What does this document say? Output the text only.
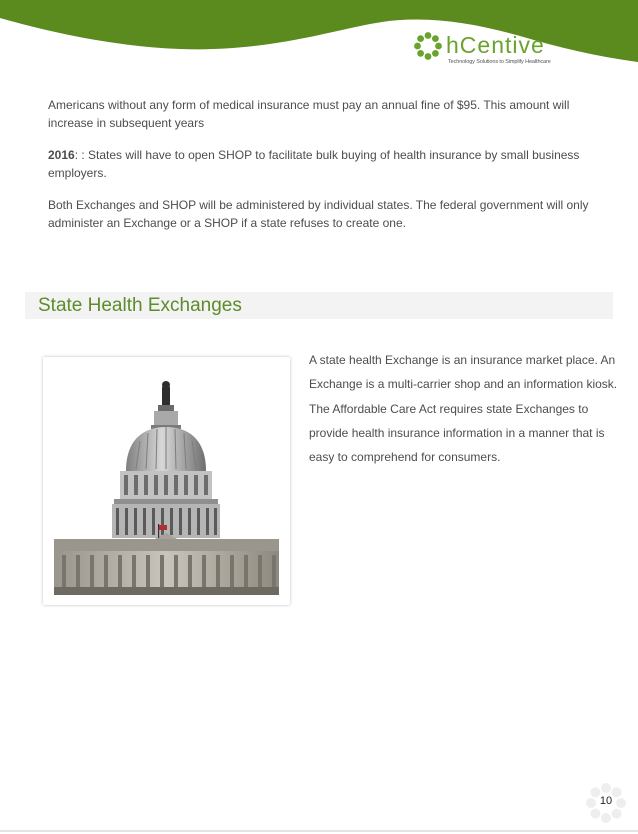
hCentive
Technology Solutions to Simplify Healthcare

Americans without any form of medical insurance must pay an annual fine of $95. This amount will increase in subsequent years

2016: : States will have to open SHOP to facilitate bulk buying of health insurance by small business employers.

Both Exchanges and SHOP will be administered by individual states. The federal government will only administer an Exchange or a SHOP if a state refuses to create one.

State Health Exchanges

A state health Exchange is an insurance market place. An Exchange is a multi-carrier shop and an information kiosk. The Affordable Care Act requires state Exchanges to provide health insurance information in a manner that is easy to comprehend for consumers.

10
